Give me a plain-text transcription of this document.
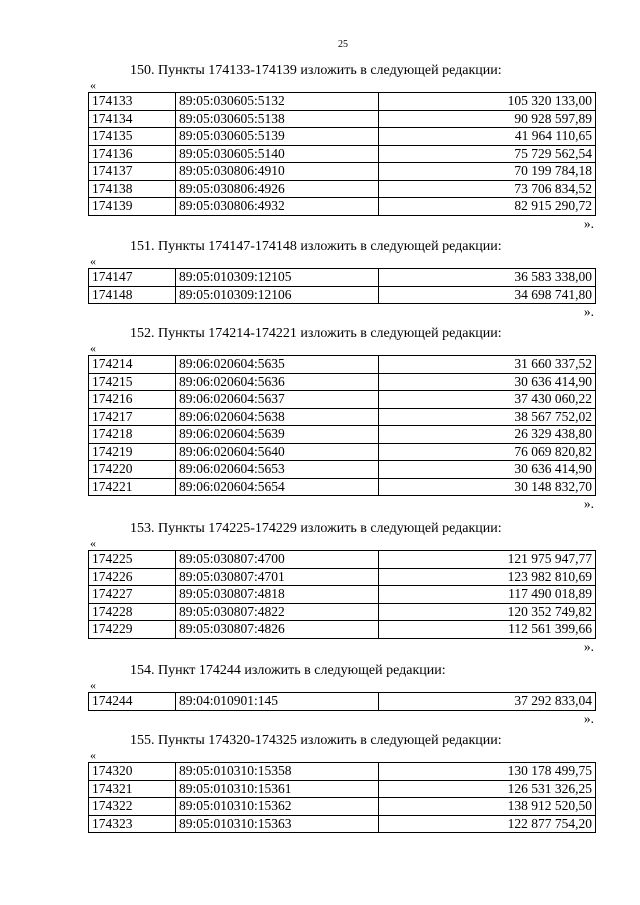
25
150. Пункты 174133-174139 изложить в следующей редакции:
«
174133	89:05:030605:5132	105 320 133,00
174134	89:05:030605:5138	90 928 597,89
174135	89:05:030605:5139	41 964 110,65
174136	89:05:030605:5140	75 729 562,54
174137	89:05:030806:4910	70 199 784,18
174138	89:05:030806:4926	73 706 834,52
174139	89:05:030806:4932	82 915 290,72
».
151. Пункты 174147-174148 изложить в следующей редакции:
«
174147	89:05:010309:12105	36 583 338,00
174148	89:05:010309:12106	34 698 741,80
».
152. Пункты 174214-174221 изложить в следующей редакции:
«
174214	89:06:020604:5635	31 660 337,52
174215	89:06:020604:5636	30 636 414,90
174216	89:06:020604:5637	37 430 060,22
174217	89:06:020604:5638	38 567 752,02
174218	89:06:020604:5639	26 329 438,80
174219	89:06:020604:5640	76 069 820,82
174220	89:06:020604:5653	30 636 414,90
174221	89:06:020604:5654	30 148 832,70
».
153. Пункты 174225-174229 изложить в следующей редакции:
«
174225	89:05:030807:4700	121 975 947,77
174226	89:05:030807:4701	123 982 810,69
174227	89:05:030807:4818	117 490 018,89
174228	89:05:030807:4822	120 352 749,82
174229	89:05:030807:4826	112 561 399,66
».
154. Пункт 174244 изложить в следующей редакции:
«
174244	89:04:010901:145	37 292 833,04
».
155. Пункты 174320-174325 изложить в следующей редакции:
«
174320	89:05:010310:15358	130 178 499,75
174321	89:05:010310:15361	126 531 326,25
174322	89:05:010310:15362	138 912 520,50
174323	89:05:010310:15363	122 877 754,20
